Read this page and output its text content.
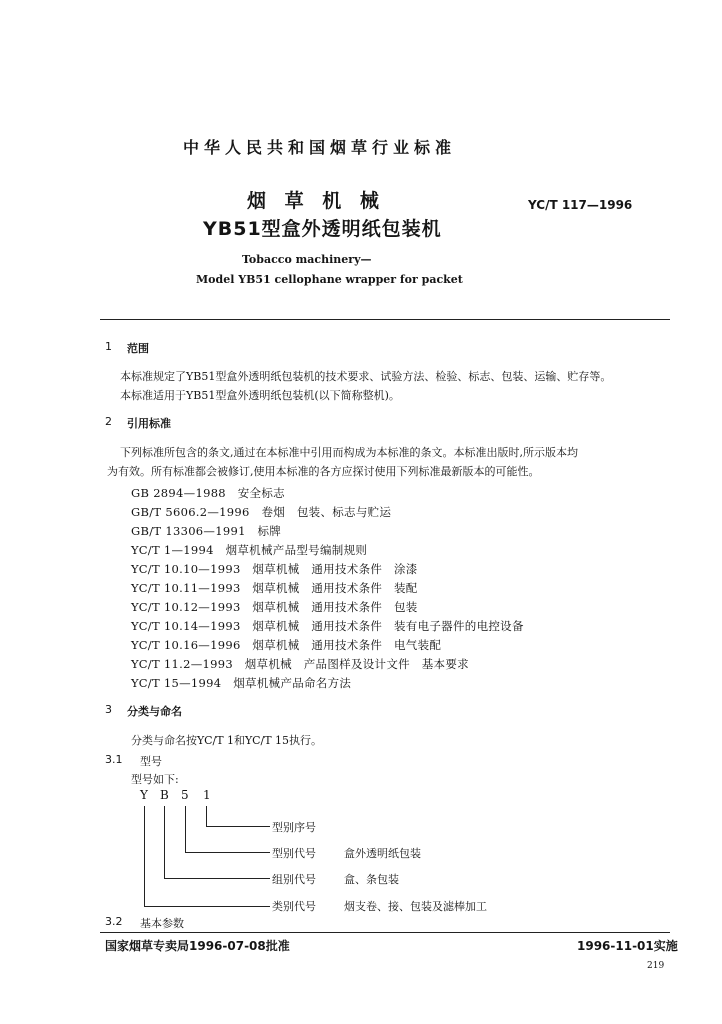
中华人民共和国烟草行业标准
烟 草 机 械
YB51型盒外透明纸包装机
YC/T 117—1996
Tobacco machinery—
Model YB51 cellophane wrapper for packet
1 范围
本标准规定了YB51型盒外透明纸包装机的技术要求、试验方法、检验、标志、包装、运输、贮存等。
本标准适用于YB51型盒外透明纸包装机(以下简称整机)。
2 引用标准
下列标准所包含的条文,通过在本标准中引用而构成为本标准的条文。本标准出版时,所示版本均
为有效。所有标准都会被修订,使用本标准的各方应探讨使用下列标准最新版本的可能性。
GB 2894—1988　安全标志
GB/T 5606.2—1996　卷烟　包装、标志与贮运
GB/T 13306—1991　标牌
YC/T 1—1994　烟草机械产品型号编制规则
YC/T 10.10—1993　烟草机械　通用技术条件　涂漆
YC/T 10.11—1993　烟草机械　通用技术条件　装配
YC/T 10.12—1993　烟草机械　通用技术条件　包装
YC/T 10.14—1993　烟草机械　通用技术条件　装有电子器件的电控设备
YC/T 10.16—1996　烟草机械　通用技术条件　电气装配
YC/T 11.2—1993　烟草机械　产品图样及设计文件　基本要求
YC/T 15—1994　烟草机械产品命名方法
3 分类与命名
分类与命名按YC/T 1和YC/T 15执行。
3.1 型号
型号如下:
Y B 5 1
型别序号
型别代号	盒外透明纸包装
组别代号	盒、条包装
类别代号	烟支卷、接、包装及滤棒加工
3.2 基本参数
国家烟草专卖局1996-07-08批准	1996-11-01实施
219
